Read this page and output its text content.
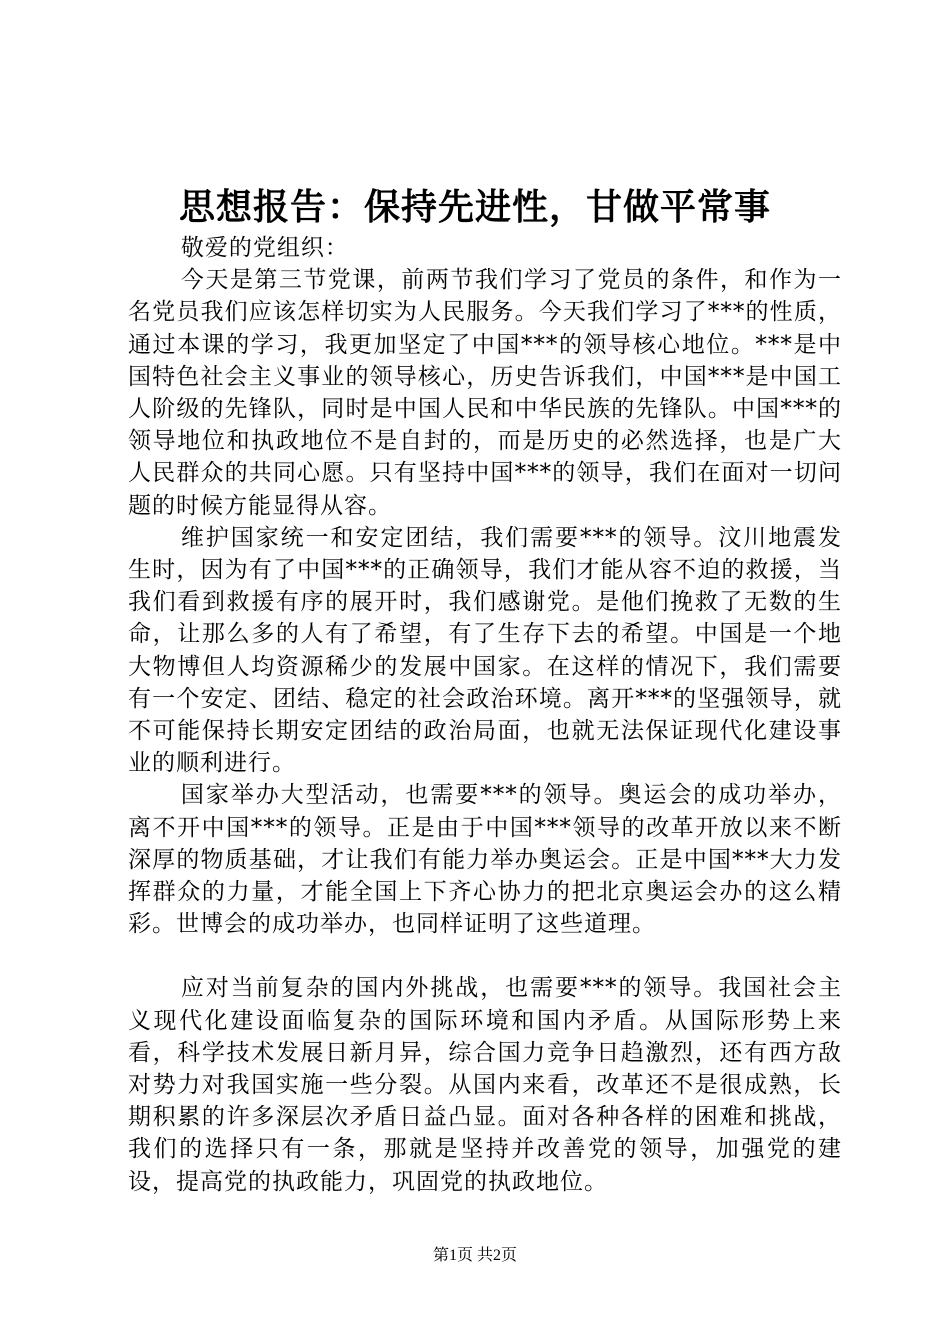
思想报告：保持先进性，甘做平常事

敬爱的党组织：

今天是第三节党课，前两节我们学习了党员的条件，和作为一名党员我们应该怎样切实为人民服务。今天我们学习了***的性质，通过本课的学习，我更加坚定了中国***的领导核心地位。***是中国特色社会主义事业的领导核心，历史告诉我们，中国***是中国工人阶级的先锋队，同时是中国人民和中华民族的先锋队。中国***的领导地位和执政地位不是自封的，而是历史的必然选择，也是广大人民群众的共同心愿。只有坚持中国***的领导，我们在面对一切问题的时候方能显得从容。

维护国家统一和安定团结，我们需要***的领导。汶川地震发生时，因为有了中国***的正确领导，我们才能从容不迫的救援，当我们看到救援有序的展开时，我们感谢党。是他们挽救了无数的生命，让那么多的人有了希望，有了生存下去的希望。中国是一个地大物博但人均资源稀少的发展中国家。在这样的情况下，我们需要有一个安定、团结、稳定的社会政治环境。离开***的坚强领导，就不可能保持长期安定团结的政治局面，也就无法保证现代化建设事业的顺利进行。

国家举办大型活动，也需要***的领导。奥运会的成功举办，离不开中国***的领导。正是由于中国***领导的改革开放以来不断深厚的物质基础，才让我们有能力举办奥运会。正是中国***大力发挥群众的力量，才能全国上下齐心协力的把北京奥运会办的这么精彩。世博会的成功举办，也同样证明了这些道理。

应对当前复杂的国内外挑战，也需要***的领导。我国社会主义现代化建设面临复杂的国际环境和国内矛盾。从国际形势上来看，科学技术发展日新月异，综合国力竞争日趋激烈，还有西方敌对势力对我国实施一些分裂。从国内来看，改革还不是很成熟，长期积累的许多深层次矛盾日益凸显。面对各种各样的困难和挑战，我们的选择只有一条，那就是坚持并改善党的领导，加强党的建设，提高党的执政能力，巩固党的执政地位。

第1页 共2页
